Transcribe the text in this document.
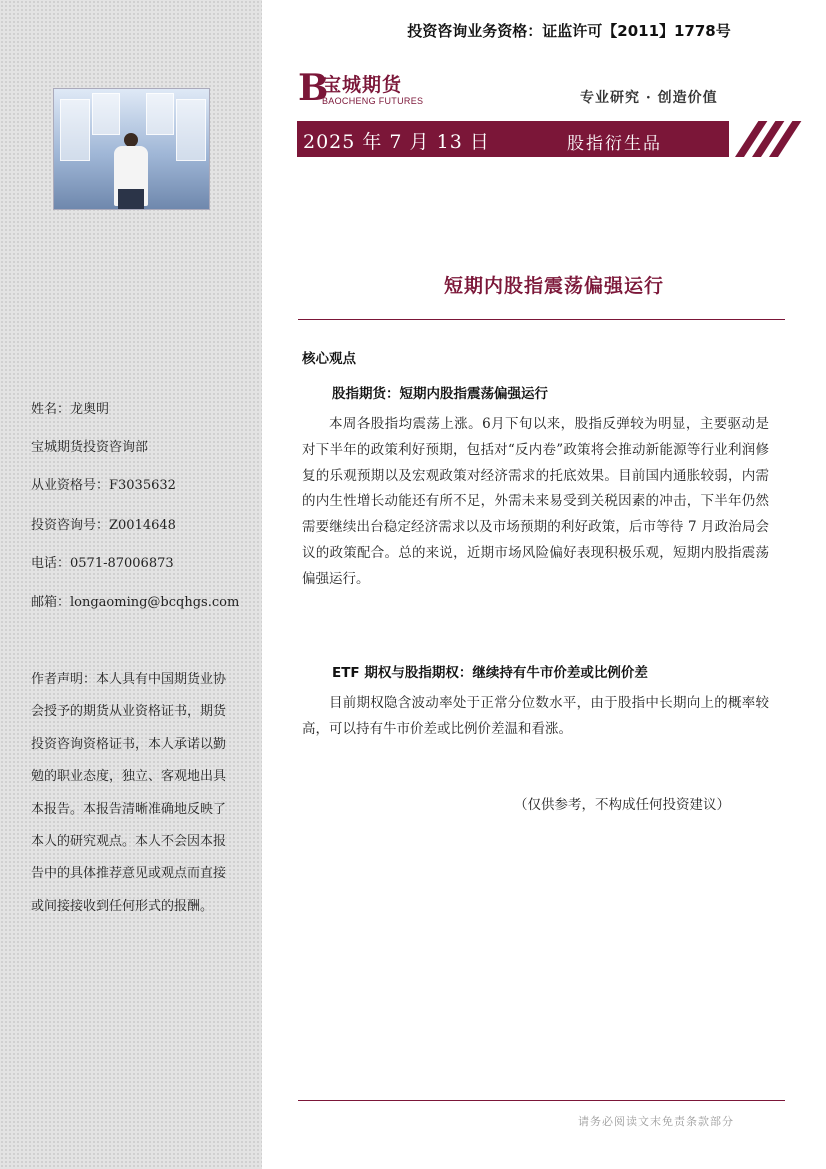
姓名：龙奥明
宝城期货投资咨询部
从业资格号：F3035632
投资咨询号：Z0014648
电话：0571-87006873
邮箱：longaoming@bcqhgs.com
作者声明：本人具有中国期货业协会授予的期货从业资格证书，期货投资咨询资格证书，本人承诺以勤勉的职业态度，独立、客观地出具本报告。本报告清晰准确地反映了本人的研究观点。本人不会因本报告中的具体推荐意见或观点而直接或间接接收到任何形式的报酬。
投资咨询业务资格：证监许可【2011】1778号
B
宝城期货
BAOCHENG FUTURES	专业研究 · 创造价值
2025 年 7 月 13 日	股指衍生品
短期内股指震荡偏强运行
核心观点
股指期货：短期内股指震荡偏强运行
本周各股指均震荡上涨。6月下旬以来，股指反弹较为明显，主要驱动是对下半年的政策利好预期，包括对“反内卷”政策将会推动新能源等行业利润修复的乐观预期以及宏观政策对经济需求的托底效果。目前国内通胀较弱，内需的内生性增长动能还有所不足，外需未来易受到关税因素的冲击，下半年仍然需要继续出台稳定经济需求以及市场预期的利好政策，后市等待 7 月政治局会议的政策配合。总的来说，近期市场风险偏好表现积极乐观，短期内股指震荡偏强运行。
ETF 期权与股指期权：继续持有牛市价差或比例价差
目前期权隐含波动率处于正常分位数水平，由于股指中长期向上的概率较高，可以持有牛市价差或比例价差温和看涨。
（仅供参考，不构成任何投资建议）
请务必阅读文末免责条款部分
